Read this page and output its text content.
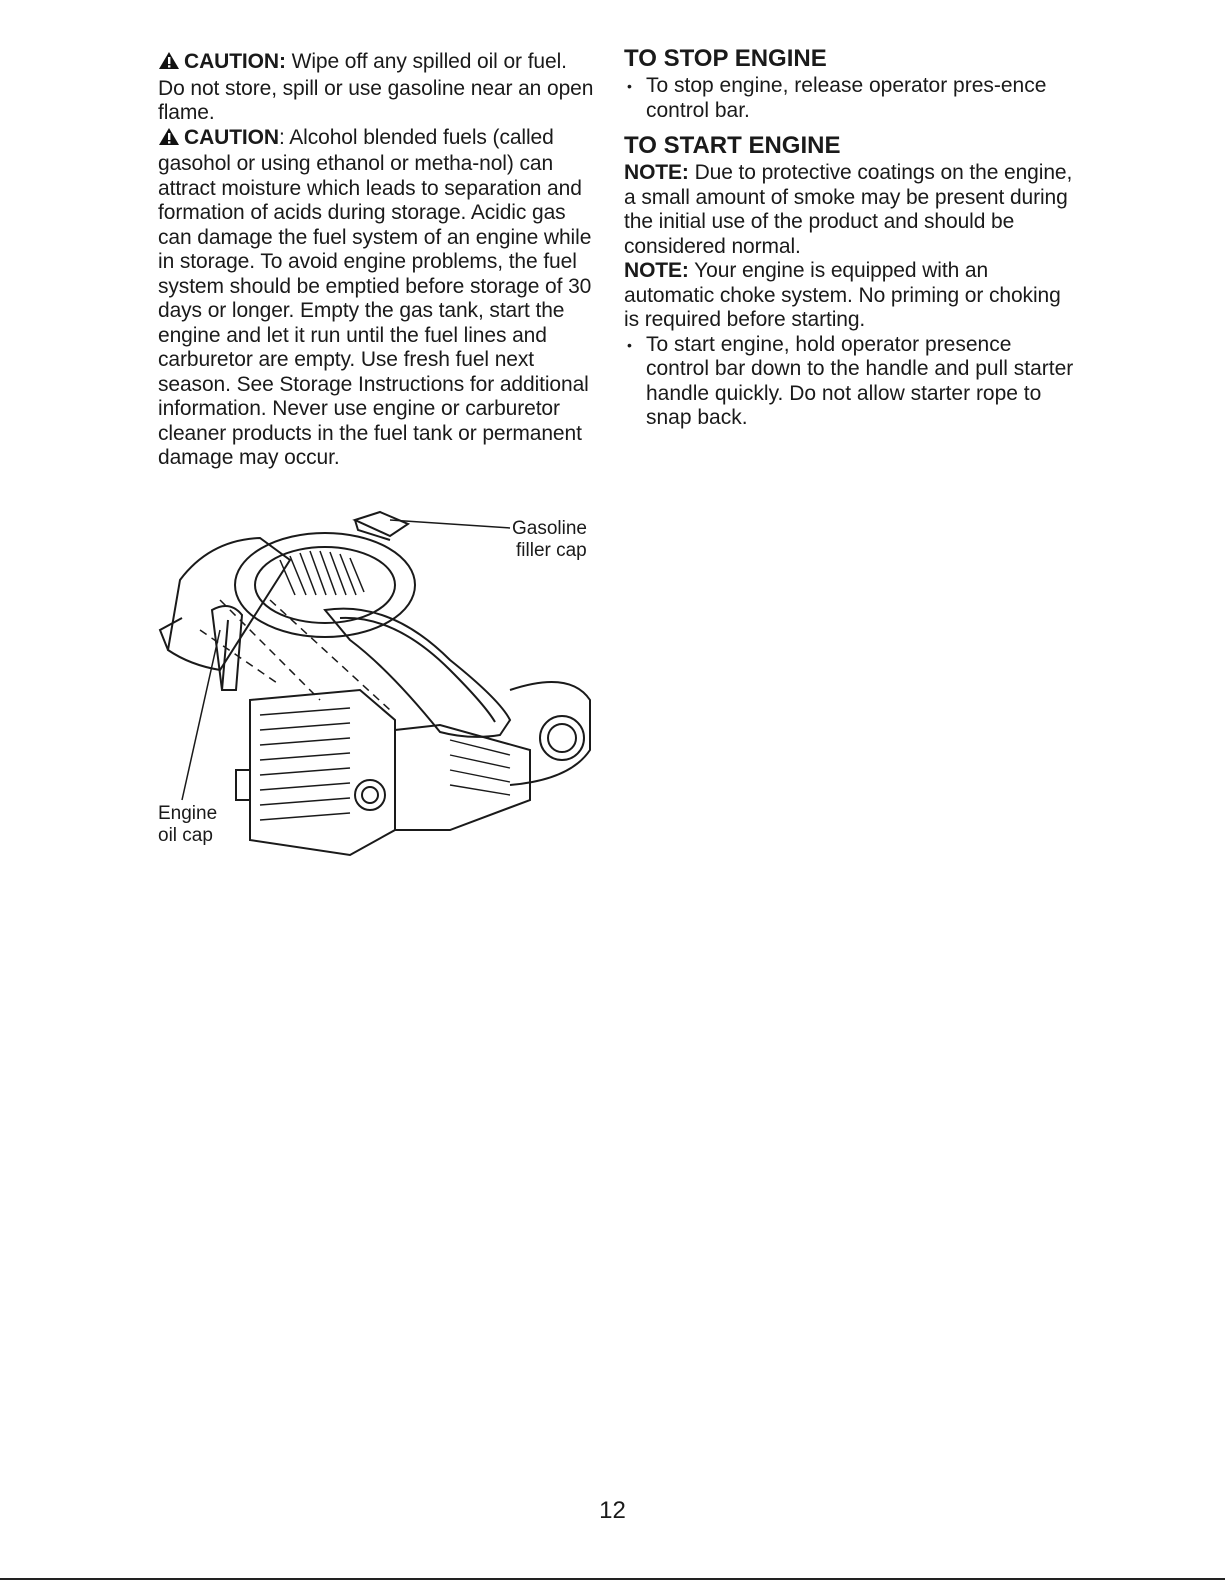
CAUTION: Wipe off any spilled oil or fuel. Do not store, spill or use gasoline near an open flame.

CAUTION: Alcohol blended fuels (called gasohol or using ethanol or metha-nol) can attract moisture which leads to separation and formation of acids during storage. Acidic gas can damage the fuel system of an engine while in storage. To avoid engine problems, the fuel system should be emptied before storage of 30 days or longer. Empty the gas tank, start the engine and let it run until the fuel lines and carburetor are empty. Use fresh fuel next season. See Storage Instructions for additional information. Never use engine or carburetor cleaner products in the fuel tank or permanent damage may occur.

Gasoline
filler cap
Engine
oil cap
TO STOP ENGINE
• To stop engine, release operator pres-ence control bar.
TO START ENGINE

NOTE: Due to protective coatings on the engine, a small amount of smoke may be present during the initial use of the product and should be considered normal.

NOTE: Your engine is equipped with an automatic choke system. No priming or choking is required before starting.

• To start engine, hold operator presence control bar down to the handle and pull starter handle quickly. Do not allow starter rope to snap back.
12
